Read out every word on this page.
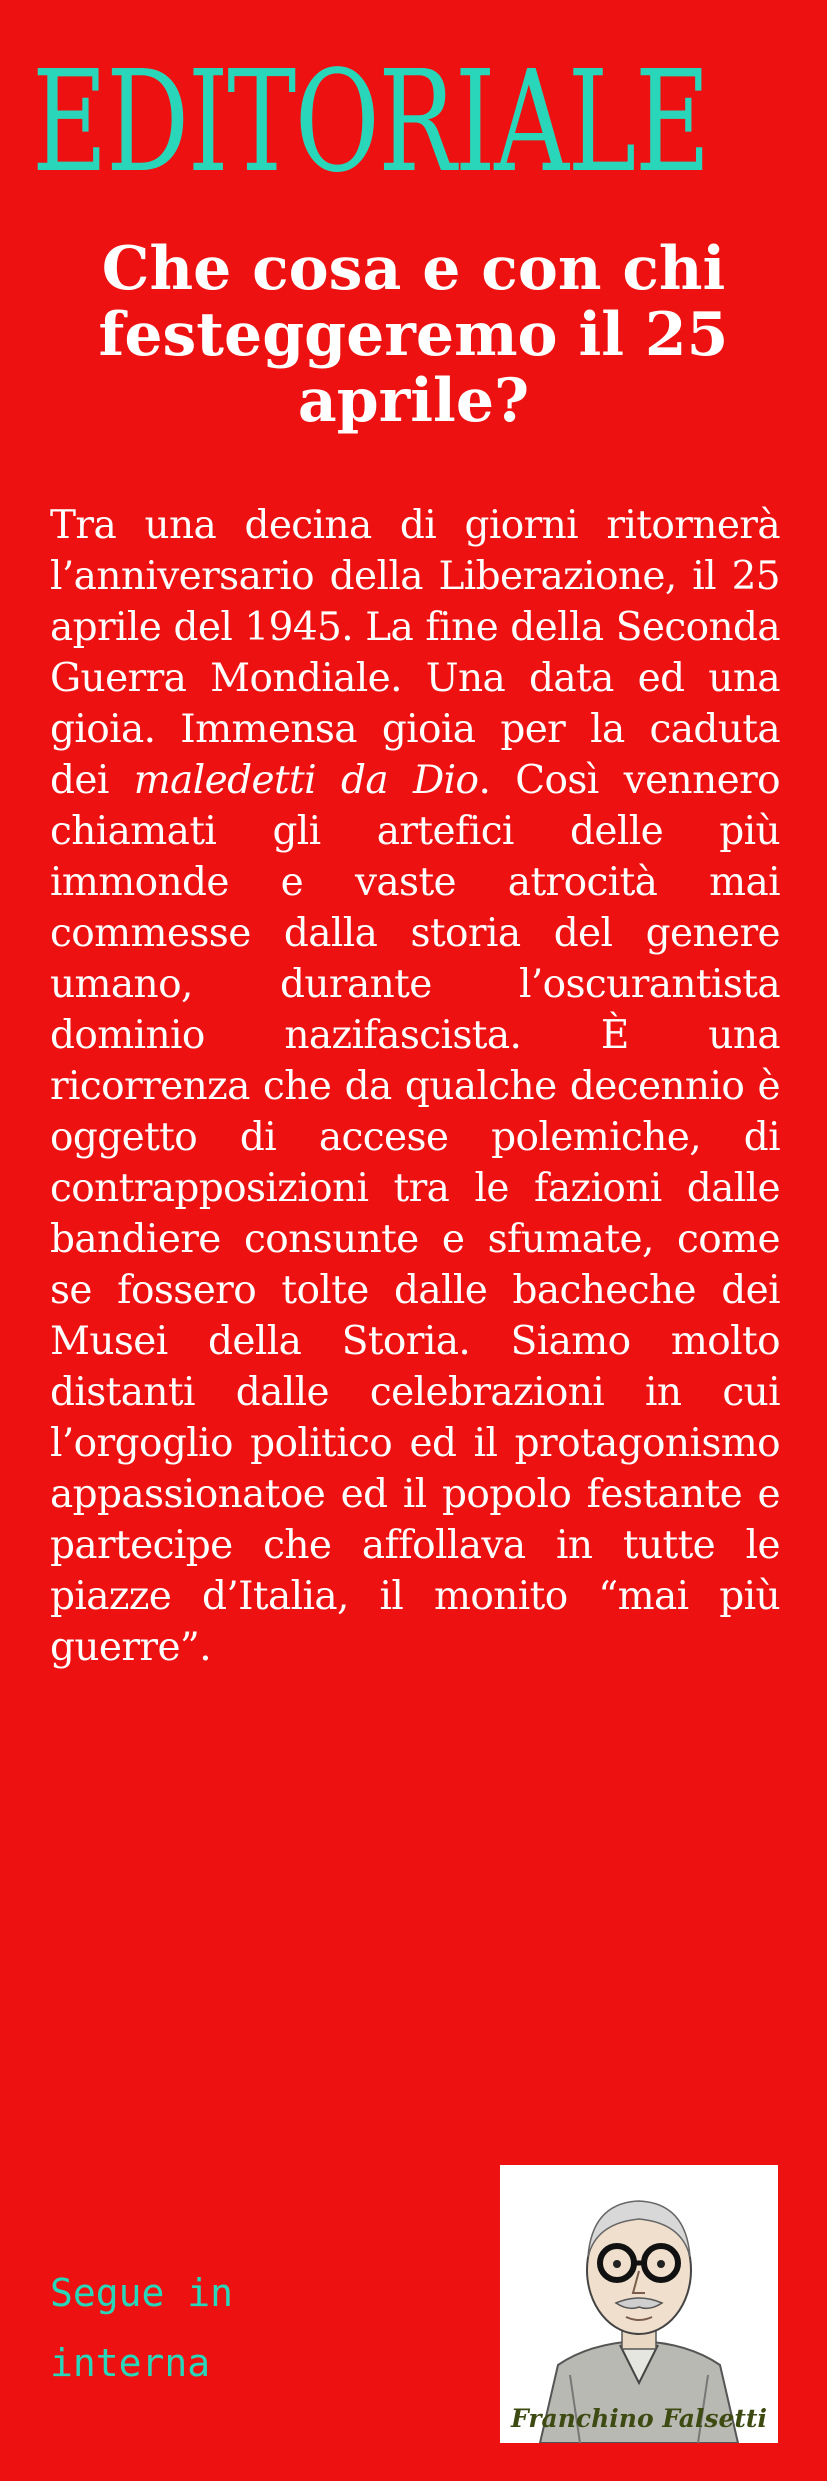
EDITORIALE
Che cosa e con chi festeggeremo il 25 aprile?

Tra una decina di giorni ritornerà l’anniversario della Liberazione, il 25 aprile del 1945. La fine della Seconda Guerra Mondiale. Una data ed una gioia. Immensa gioia per la caduta dei maledetti da Dio. Così vennero chiamati gli artefici delle più immonde e vaste atrocità mai commesse dalla storia del genere umano, durante l’oscurantista dominio nazifascista. È una ricorrenza che da qualche decennio è oggetto di accese polemiche, di contrapposizioni tra le fazioni dalle bandiere consunte e sfumate, come se fossero tolte dalle bacheche dei Musei della Storia. Siamo molto distanti dalle celebrazioni in cui l’orgoglio politico ed il protagonismo appassionatoe ed il popolo festante e partecipe che affollava in tutte le piazze d’Italia, il monito “mai più guerre”.

Segue in
interna
Franchino Falsetti
